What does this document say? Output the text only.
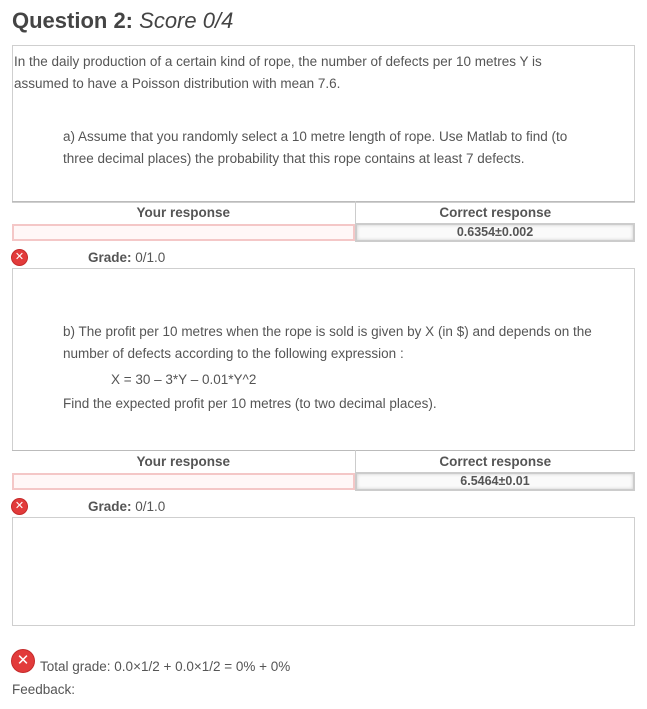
Question 2: Score 0/4
In the daily production of a certain kind of rope, the number of defects per 10 metres Y is
assumed to have a Poisson distribution with mean 7.6.
a) Assume that you randomly select a 10 metre length of rope. Use Matlab to find (to
three decimal places) the probability that this rope contains at least 7 defects.
Your response	Correct response

	0.6354±0.002
✕	Grade: 0/1.0
b) The profit per 10 metres when the rope is sold is given by X (in $) and depends on the
number of defects according to the following expression :
X = 30 – 3*Y – 0.01*Y^2
Find the expected profit per 10 metres (to two decimal places).
Your response	Correct response

	6.5464±0.01
✕	Grade: 0/1.0
✕ Total grade: 0.0×1/2 + 0.0×1/2 = 0% + 0%
Feedback:
